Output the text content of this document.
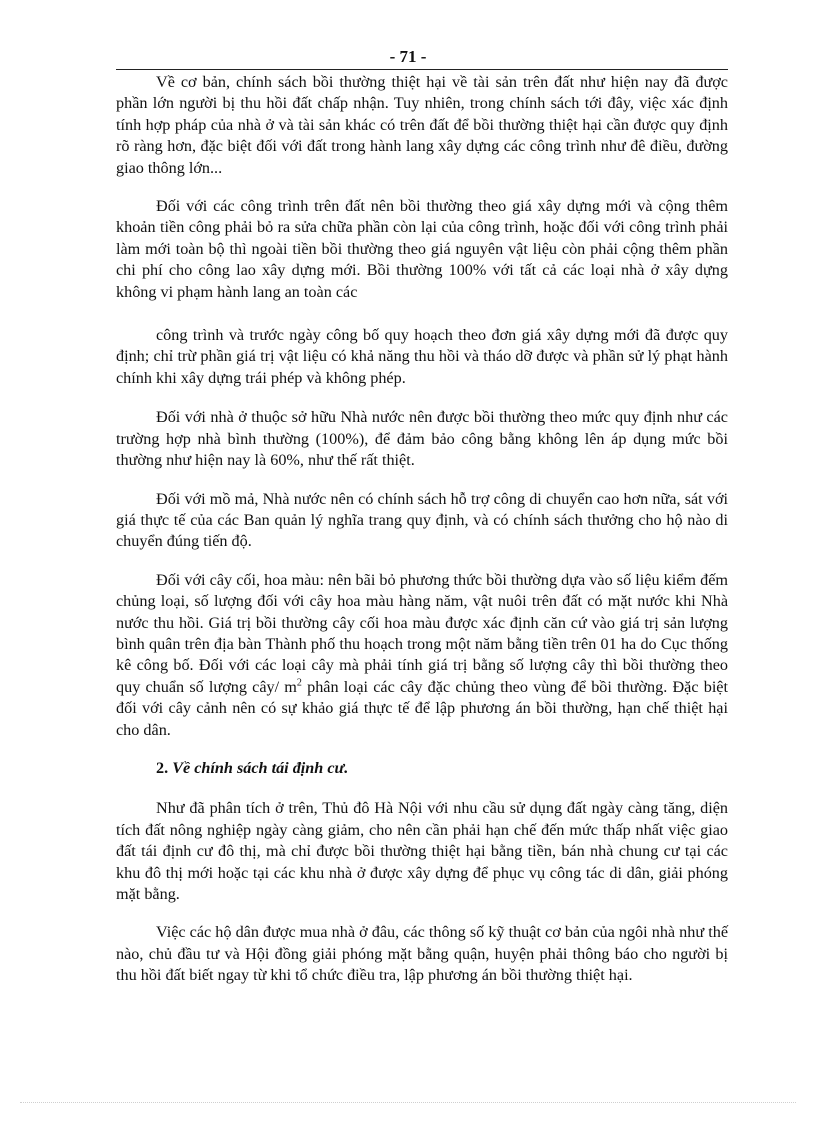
- 71 -

Về cơ bản, chính sách bồi thường thiệt hại về tài sản trên đất như hiện nay đã được phần lớn người bị thu hồi đất chấp nhận. Tuy nhiên, trong chính sách tới đây, việc xác định tính hợp pháp của nhà ở và tài sản khác có trên đất để bồi thường thiệt hại cần được quy định rõ ràng hơn, đặc biệt đối với đất trong hành lang xây dựng các công trình như đê điều, đường giao thông lớn...

Đối với các công trình trên đất nên bồi thường theo giá xây dựng mới và cộng thêm khoản tiền công phải bỏ ra sửa chữa phần còn lại của công trình, hoặc đối với công trình phải làm mới toàn bộ thì ngoài tiền bồi thường theo giá nguyên vật liệu còn phải cộng thêm phần chi phí cho công lao xây dựng mới. Bồi thường 100% với tất cả các loại nhà ở xây dựng không vi phạm hành lang an toàn các

công trình và trước ngày công bố quy hoạch theo đơn giá xây dựng mới đã được quy định; chỉ trừ phần giá trị vật liệu có khả năng thu hồi và tháo dỡ được và phần sử lý phạt hành chính khi xây dựng trái phép và không phép.

Đối với nhà ở thuộc sở hữu Nhà nước nên được bồi thường theo mức quy định như các trường hợp nhà bình thường (100%), để đảm bảo công bằng không lên áp dụng mức bồi thường như hiện nay là 60%, như thế rất thiệt.

Đối với mồ mả, Nhà nước nên có chính sách hỗ trợ công di chuyển cao hơn nữa, sát với giá thực tế của các Ban quản lý nghĩa trang quy định, và có chính sách thưởng cho hộ nào di chuyển đúng tiến độ.

Đối với cây cối, hoa màu: nên bãi bỏ phương thức bồi thường dựa vào số liệu kiểm đếm chủng loại, số lượng đối với cây hoa màu hàng năm, vật nuôi trên đất có mặt nước khi Nhà nước thu hồi. Giá trị bồi thường cây cối hoa màu được xác định căn cứ vào giá trị sản lượng bình quân trên địa bàn Thành phố thu hoạch trong một năm bằng tiền trên 01 ha do Cục thống kê công bố. Đối với các loại cây mà phải tính giá trị bằng số lượng cây thì bồi thường theo quy chuẩn số lượng cây/ $m^2$ phân loại các cây đặc chủng theo vùng để bồi thường. Đặc biệt đối với cây cảnh nên có sự khảo giá thực tế để lập phương án bồi thường, hạn chế thiệt hại cho dân.

2. Về chính sách tái định cư.

Như đã phân tích ở trên, Thủ đô Hà Nội với nhu cầu sử dụng đất ngày càng tăng, diện tích đất nông nghiệp ngày càng giảm, cho nên cần phải hạn chế đến mức thấp nhất việc giao đất tái định cư đô thị, mà chỉ được bồi thường thiệt hại bằng tiền, bán nhà chung cư tại các khu đô thị mới hoặc tại các khu nhà ở được xây dựng để phục vụ công tác di dân, giải phóng mặt bằng.

Việc các hộ dân được mua nhà ở đâu, các thông số kỹ thuật cơ bản của ngôi nhà như thế nào, chủ đầu tư và Hội đồng giải phóng mặt bằng quận, huyện phải thông báo cho người bị thu hồi đất biết ngay từ khi tổ chức điều tra, lập phương án bồi thường thiệt hại.
